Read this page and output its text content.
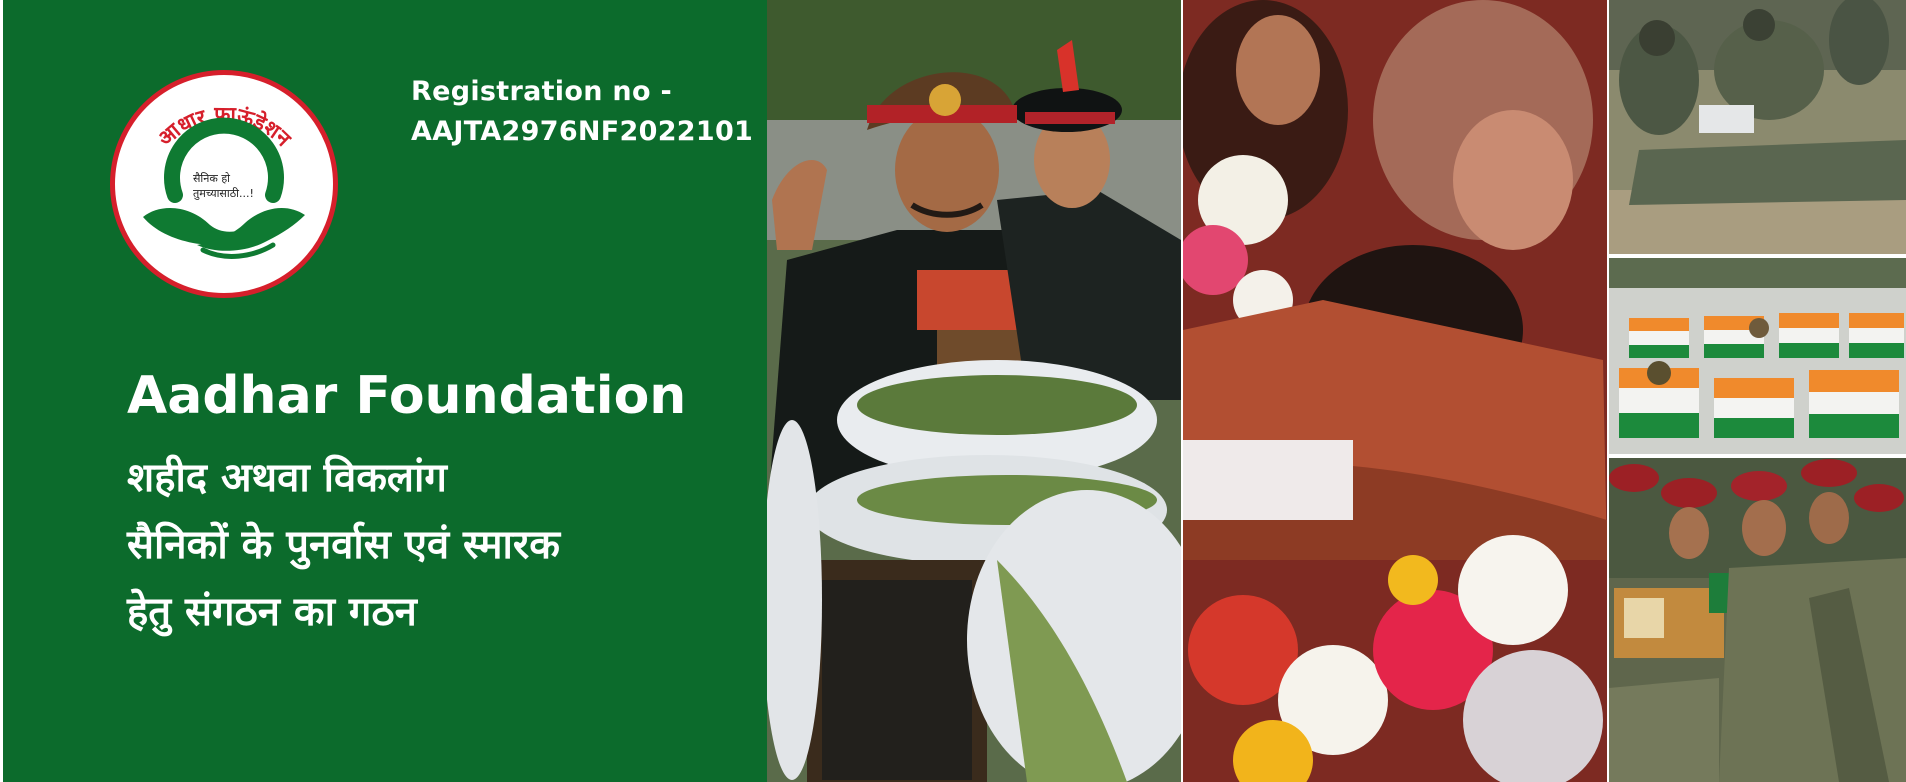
आधार फाऊंडेशन
सैनिक हो
तुमच्यासाठी...!
Registration no -
AAJTA2976NF2022101
Aadhar Foundation
शहीद अथवा विकलांग
सैनिकों के पुनर्वास एवं स्मारक
हेतु संगठन का गठन
